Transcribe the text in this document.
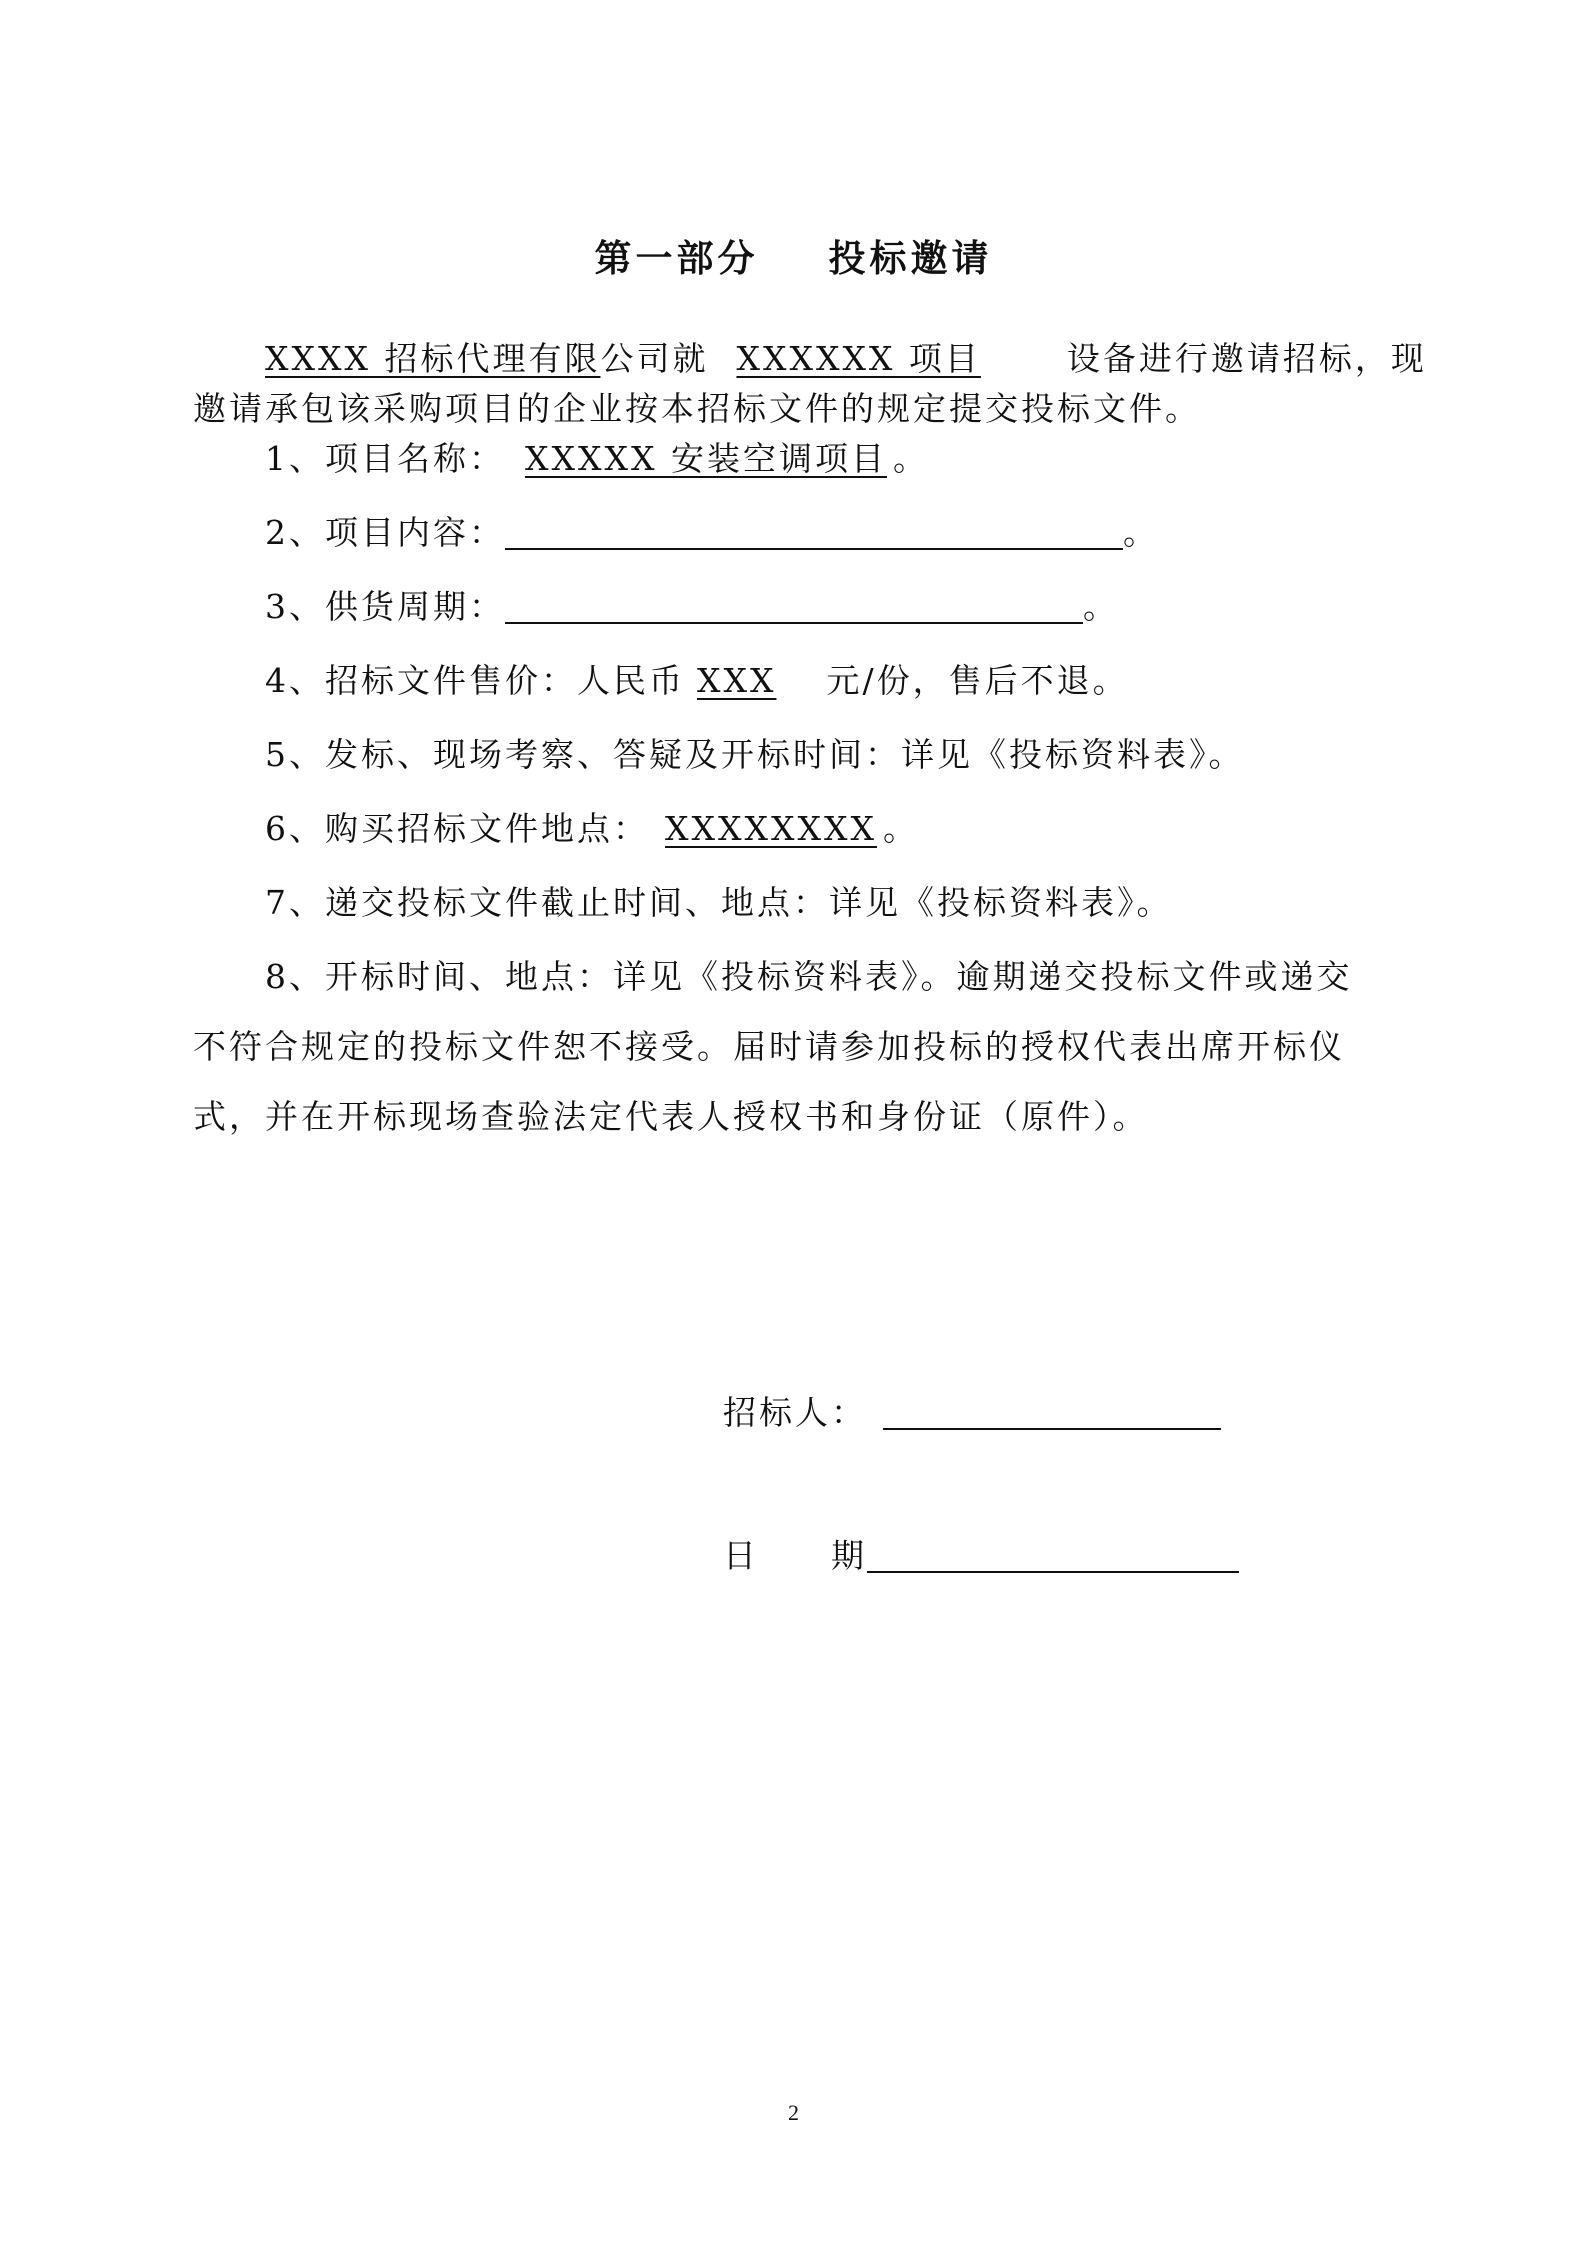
第一部分 投标邀请
XXXX 招标代理有限公司就 XXXXXX 项目	设备进行邀请招标，现
邀请承包该采购项目的企业按本招标文件的规定提交投标文件。
1、项目名称： XXXXX 安装空调项目 。
2、项目内容：	。
3、供货周期：	。
4、招标文件售价：人民币 XXX 元/份，售后不退。
5、发标、现场考察、答疑及开标时间：详见《投标资料表》。
6、购买招标文件地点： XXXXXXXX 。
7、递交投标文件截止时间、地点：详见《投标资料表》。
8、开标时间、地点：详见《投标资料表》。逾期递交投标文件或递交
不符合规定的投标文件恕不接受。届时请参加投标的授权代表出席开标仪
式，并在开标现场查验法定代表人授权书和身份证（原件）。
招标人：
日　　期
2
